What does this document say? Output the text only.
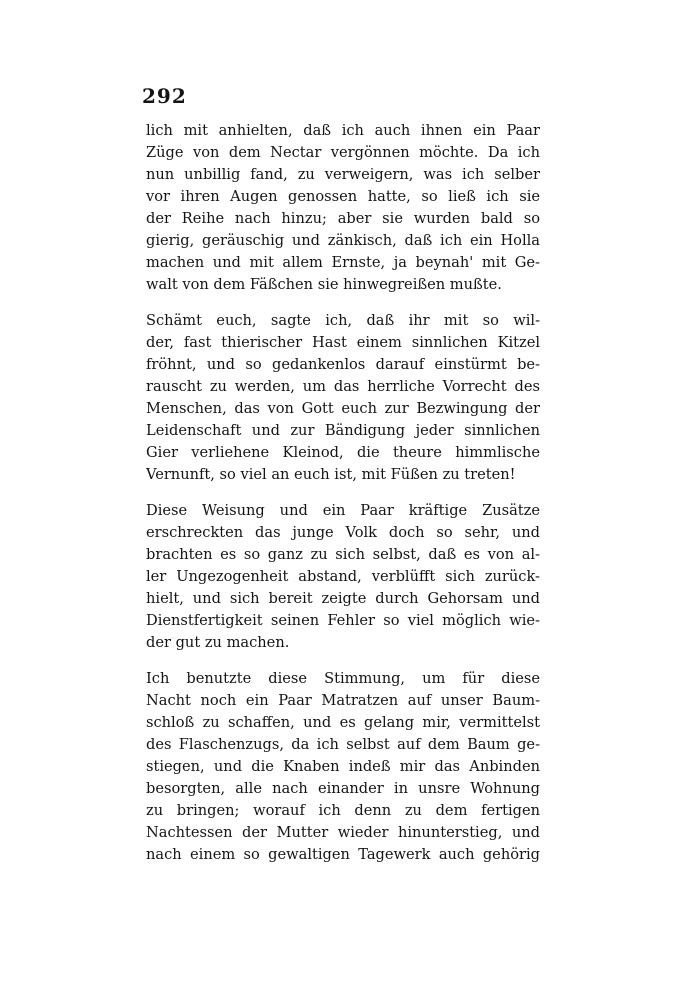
292

lich mit anhielten, daß ich auch ihnen ein Paar
Züge von dem Nectar vergönnen möchte. Da ich
nun unbillig fand, zu verweigern, was ich selber
vor ihren Augen genossen hatte, so ließ ich sie
der Reihe nach hinzu; aber sie wurden bald so
gierig, geräuschig und zänkisch, daß ich ein Holla
machen und mit allem Ernste, ja beynah' mit Ge-
walt von dem Fäßchen sie hinwegreißen mußte.

Schämt euch, sagte ich, daß ihr mit so wil-
der, fast thierischer Hast einem sinnlichen Kitzel
fröhnt, und so gedankenlos darauf einstürmt be-
rauscht zu werden, um das herrliche Vorrecht des
Menschen, das von Gott euch zur Bezwingung der
Leidenschaft und zur Bändigung jeder sinnlichen
Gier verliehene Kleinod, die theure himmlische
Vernunft, so viel an euch ist, mit Füßen zu treten!

Diese Weisung und ein Paar kräftige Zusätze
erschreckten das junge Volk doch so sehr, und
brachten es so ganz zu sich selbst, daß es von al-
ler Ungezogenheit abstand, verblüfft sich zurück-
hielt, und sich bereit zeigte durch Gehorsam und
Dienstfertigkeit seinen Fehler so viel möglich wie-
der gut zu machen.

Ich benutzte diese Stimmung, um für diese
Nacht noch ein Paar Matratzen auf unser Baum-
schloß zu schaffen, und es gelang mir, vermittelst
des Flaschenzugs, da ich selbst auf dem Baum ge-
stiegen, und die Knaben indeß mir das Anbinden
besorgten, alle nach einander in unsre Wohnung
zu bringen; worauf ich denn zu dem fertigen
Nachtessen der Mutter wieder hinunterstieg, und
nach einem so gewaltigen Tagewerk auch gehörig
